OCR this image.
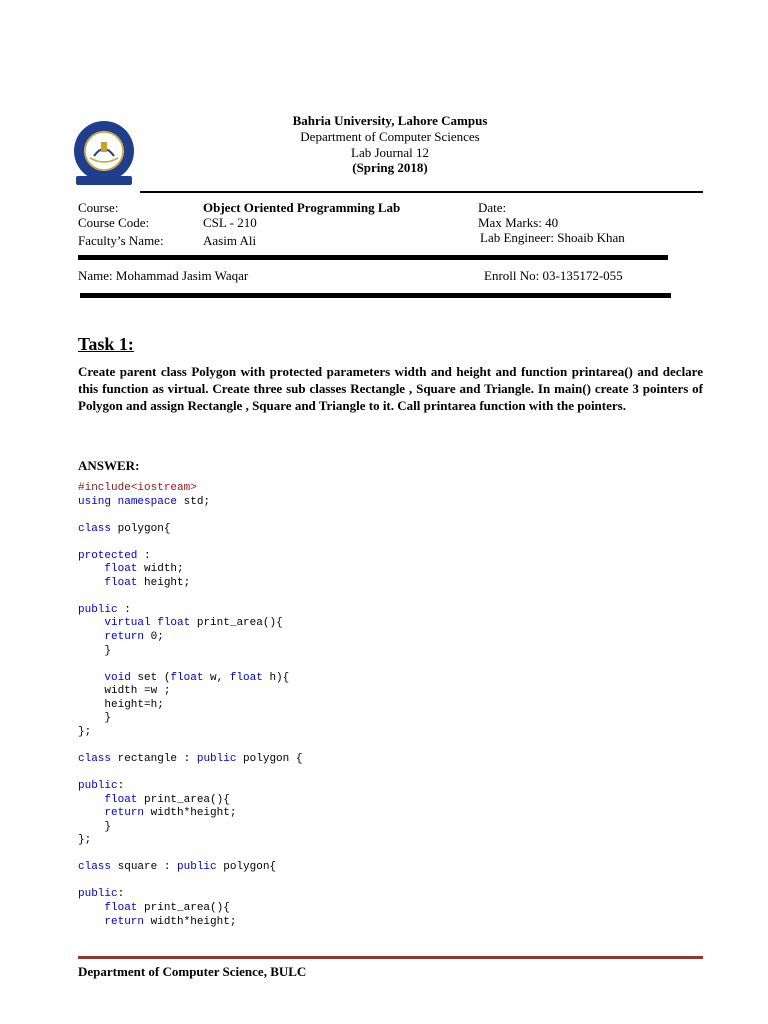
Bahria University, Lahore Campus
Department of Computer Sciences
Lab Journal 12
(Spring 2018)
Course:	Object Oriented Programming Lab	Date:
Course Code:	CSL - 210	Max Marks: 40
Faculty’s Name:	Aasim Ali	Lab Engineer: Shoaib Khan
Name: Mohammad Jasim Waqar	Enroll No: 03-135172-055
Task 1:
Create parent class Polygon with protected parameters width and height and function printarea() and declare this function as virtual. Create three sub classes Rectangle , Square and Triangle. In main() create 3 pointers of Polygon and assign Rectangle , Square and Triangle to it. Call printarea function with the pointers.
ANSWER:
#include<iostream>
using namespace std;
class polygon{
protected :
	float width;
	float height;
public :
	virtual float print_area(){
	return 0;
	}
	void set (float w, float h){
	width =w ;
	height=h;
	}
};
class rectangle : public polygon {
public:
	float print_area(){
	return width*height;
	}
};
class square : public polygon{
public:
	float print_area(){
	return width*height;
Department of Computer Science, BULC
